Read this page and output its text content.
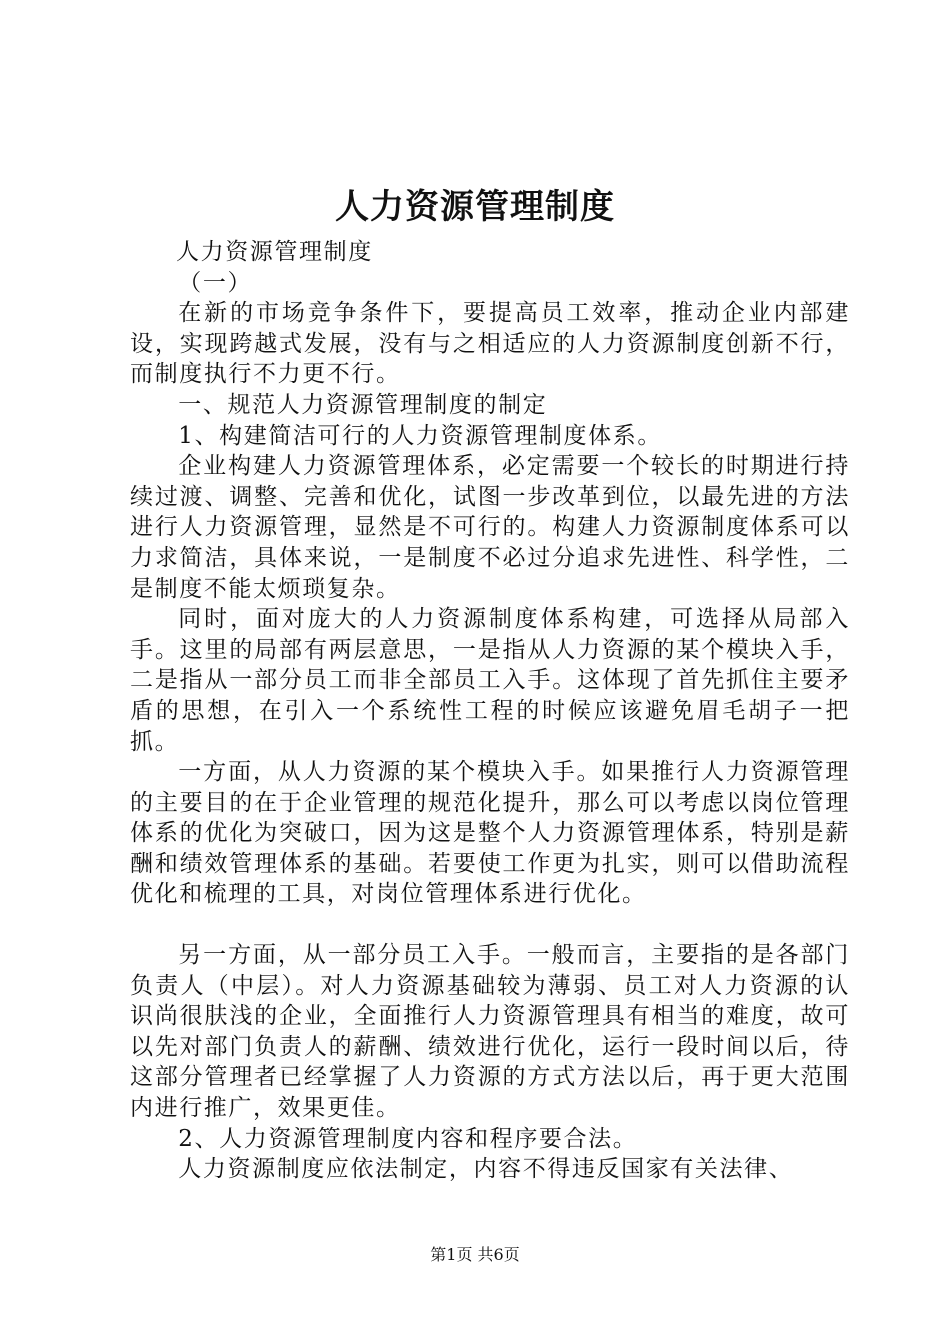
人力资源管理制度

人力资源管理制度

（一）

在新的市场竞争条件下，要提高员工效率，推动企业内部建设，实现跨越式发展，没有与之相适应的人力资源制度创新不行，而制度执行不力更不行。

一、规范人力资源管理制度的制定

1、构建简洁可行的人力资源管理制度体系。

企业构建人力资源管理体系，必定需要一个较长的时期进行持续过渡、调整、完善和优化，试图一步改革到位，以最先进的方法进行人力资源管理，显然是不可行的。构建人力资源制度体系可以力求简洁，具体来说，一是制度不必过分追求先进性、科学性，二是制度不能太烦琐复杂。

同时，面对庞大的人力资源制度体系构建，可选择从局部入手。这里的局部有两层意思，一是指从人力资源的某个模块入手，二是指从一部分员工而非全部员工入手。这体现了首先抓住主要矛盾的思想，在引入一个系统性工程的时候应该避免眉毛胡子一把抓。

一方面，从人力资源的某个模块入手。如果推行人力资源管理的主要目的在于企业管理的规范化提升，那么可以考虑以岗位管理体系的优化为突破口，因为这是整个人力资源管理体系，特别是薪酬和绩效管理体系的基础。若要使工作更为扎实，则可以借助流程优化和梳理的工具，对岗位管理体系进行优化。

另一方面，从一部分员工入手。一般而言，主要指的是各部门负责人（中层）。对人力资源基础较为薄弱、员工对人力资源的认识尚很肤浅的企业，全面推行人力资源管理具有相当的难度，故可以先对部门负责人的薪酬、绩效进行优化，运行一段时间以后，待这部分管理者已经掌握了人力资源的方式方法以后，再于更大范围内进行推广，效果更佳。

2、人力资源管理制度内容和程序要合法。

人力资源制度应依法制定，内容不得违反国家有关法律、

第1页 共6页
